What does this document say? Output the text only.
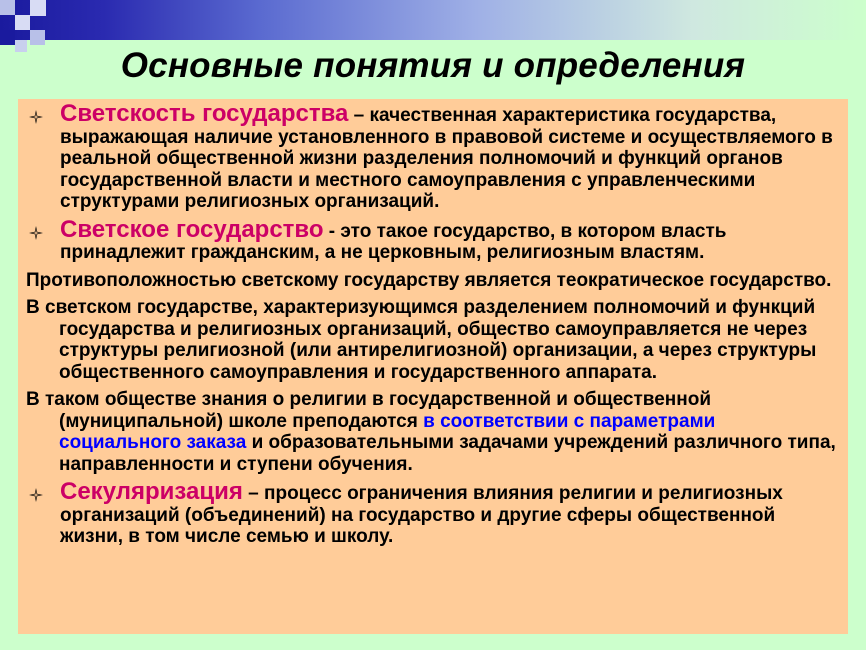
Основные понятия и определения
Светскость государства – качественная характеристика государства, выражающая наличие установленного в правовой системе и осуществляемого в реальной общественной жизни разделения полномочий и функций органов государственной власти и местного самоуправления с управленческими структурами религиозных организаций.
Светское государство - это такое государство, в котором власть принадлежит гражданским, а не церковным, религиозным властям.
Противоположностью светскому государству является теократическое государство.
В светском государстве, характеризующимся разделением полномочий и функций государства и религиозных организаций, общество самоуправляется не через структуры религиозной (или антирелигиозной) организации, а через структуры общественного самоуправления и государственного аппарата.
В таком обществе знания о религии в государственной и общественной (муниципальной) школе преподаются в соответствии с параметрами социального заказа и образовательными задачами учреждений различного типа, направленности и ступени обучения.
Секуляризация – процесс ограничения влияния религии и религиозных организаций (объединений) на государство и другие сферы общественной жизни, в том числе семью и школу.
